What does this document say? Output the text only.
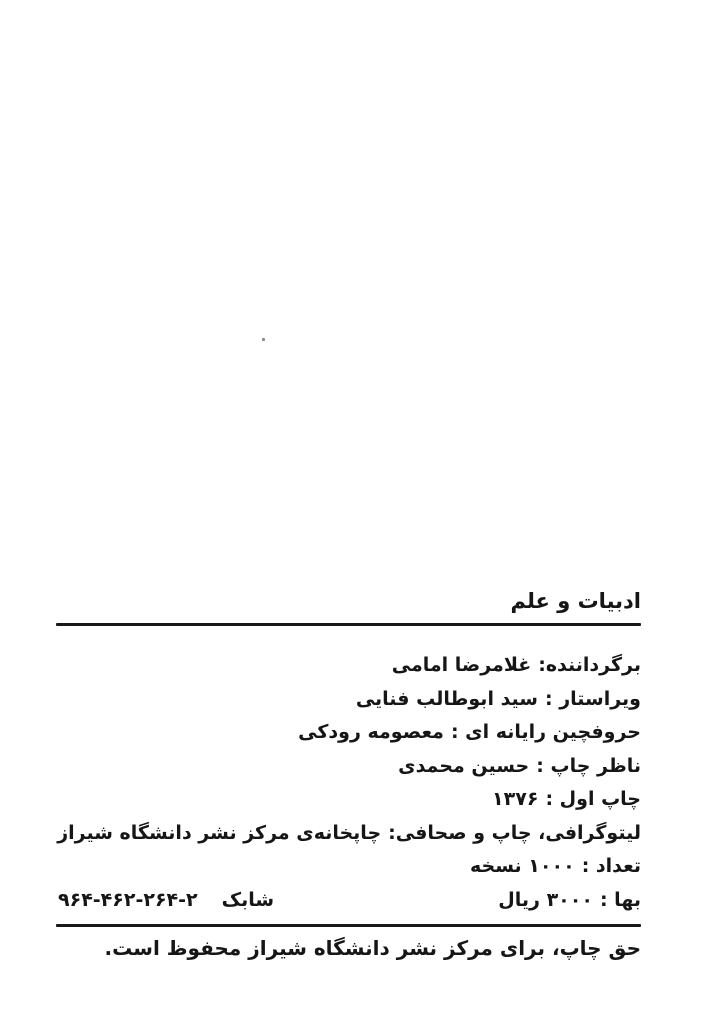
ادبیات و علم
برگرداننده:غلامرضا امامی
ویراستار :سید ابوطالب فنایی
حروفچین رایانه ای :معصومه رودکی
ناظر چاپ :حسین محمدی
چاپ اول :۱۳۷۶
لیتوگرافی، چاپ و صحافی:چاپخانه‌ی مرکز نشر دانشگاه شیراز
تعداد :۱۰۰۰ نسخه
بها :۳۰۰۰ ریال
شابک۹۶۴-۴۶۲-۲۶۴-۲
حق چاپ، برای مرکز نشر دانشگاه شیراز محفوظ است.
